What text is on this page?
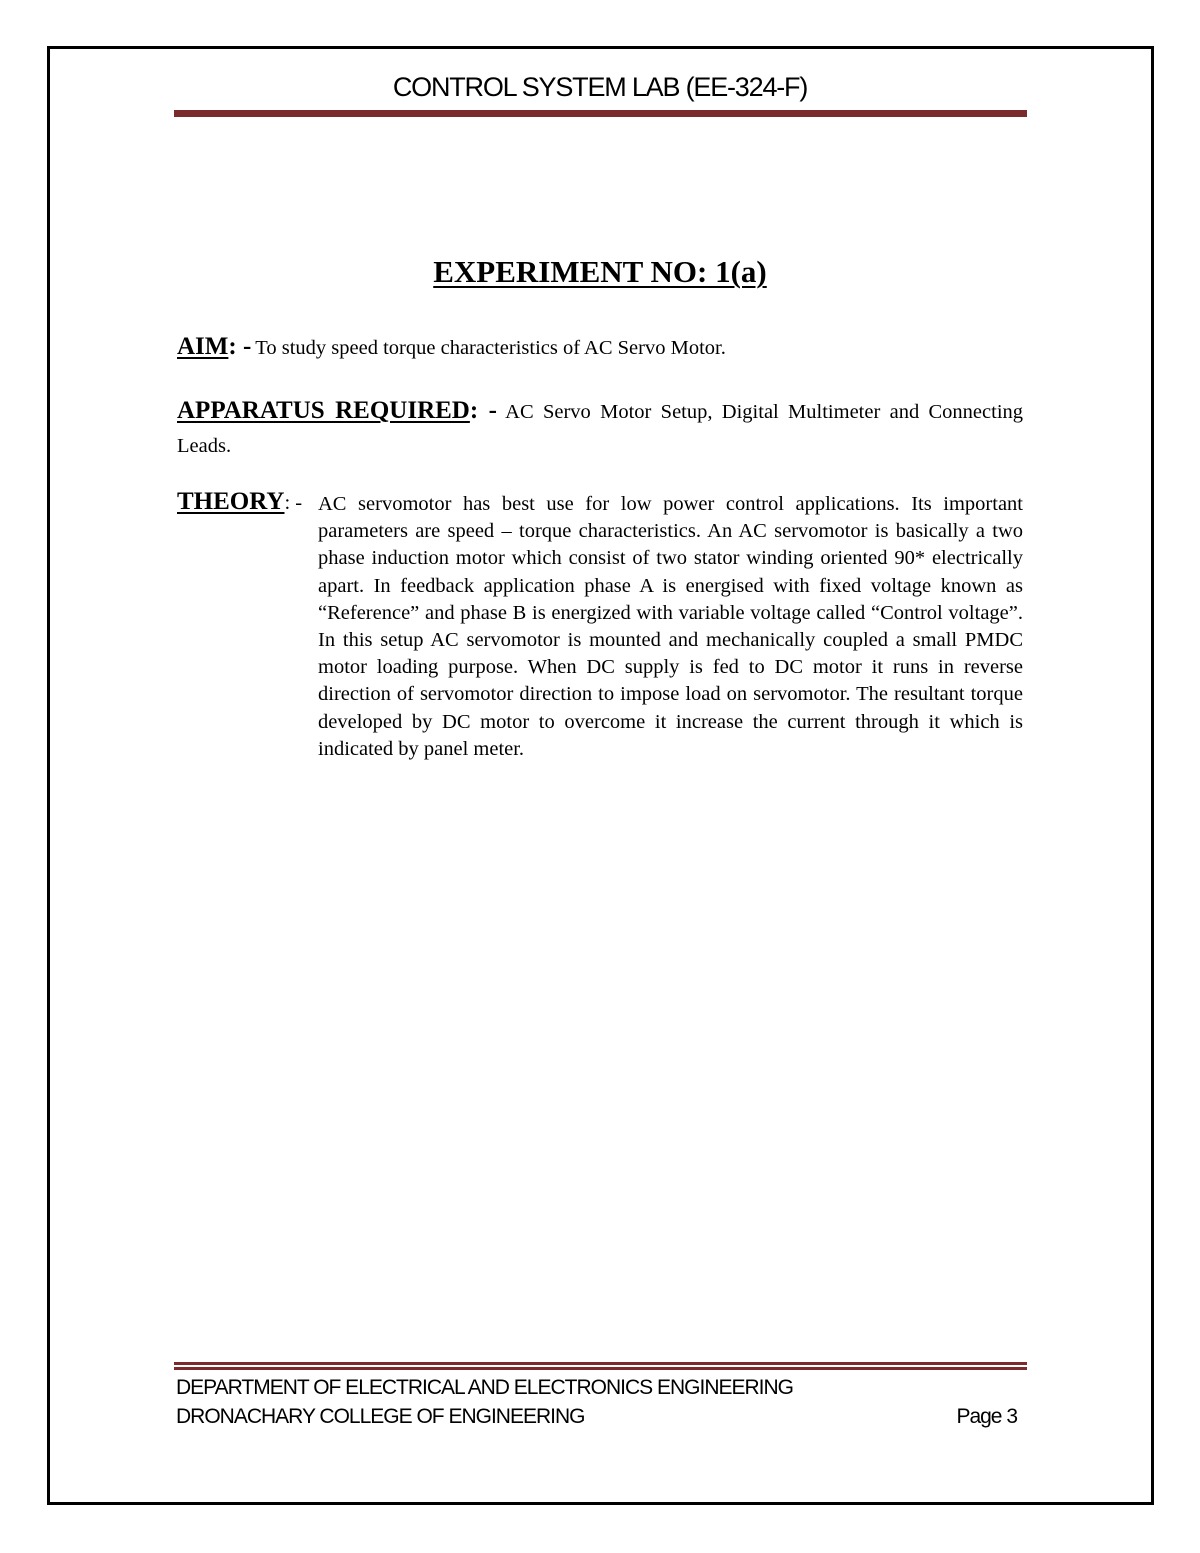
CONTROL SYSTEM LAB (EE-324-F)
EXPERIMENT NO: 1(a)
AIM: - To study speed torque characteristics of AC Servo Motor.
APPARATUS REQUIRED: - AC Servo Motor Setup, Digital Multimeter and Connecting Leads.
THEORY: - AC servomotor has best use for low power control applications. Its important parameters are speed – torque characteristics. An AC servomotor is basically a two phase induction motor which consist of two stator winding oriented 90* electrically apart. In feedback application phase A is energised with fixed voltage known as “Reference” and phase B is energized with variable voltage called “Control voltage”. In this setup AC servomotor is mounted and mechanically coupled a small PMDC motor loading purpose. When DC supply is fed to DC motor it runs in reverse direction of servomotor direction to impose load on servomotor. The resultant torque developed by DC motor to overcome it increase the current through it which is indicated by panel meter.
DEPARTMENT OF ELECTRICAL AND ELECTRONICS ENGINEERING
DRONACHARY COLLEGE OF ENGINEERING	Page 3
